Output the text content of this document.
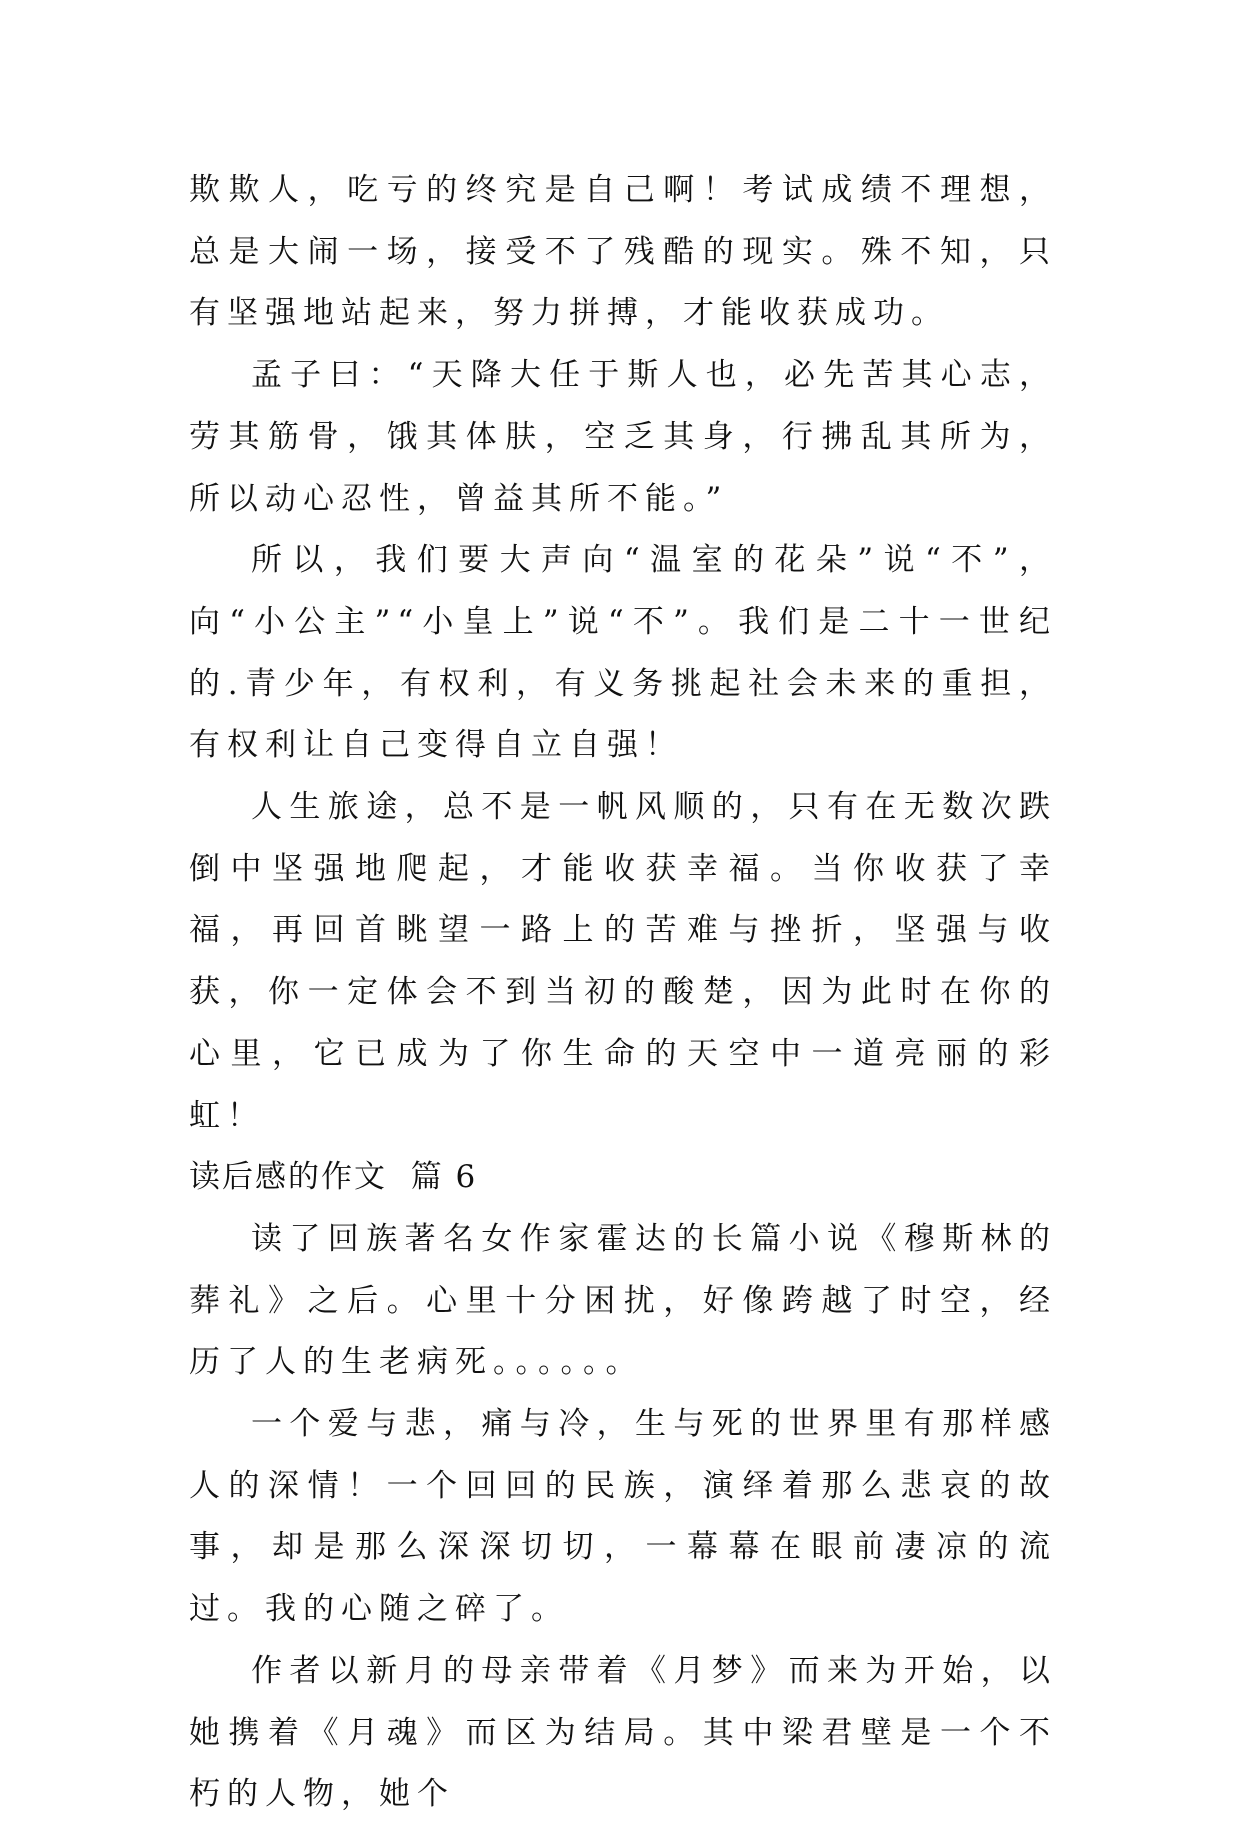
欺欺人，吃亏的终究是自己啊！考试成绩不理想，总是大闹一场，接受不了残酷的现实。殊不知，只有坚强地站起来，努力拼搏，才能收获成功。

孟子曰：“天降大任于斯人也，必先苦其心志，劳其筋骨，饿其体肤，空乏其身，行拂乱其所为，所以动心忍性，曾益其所不能。”

所以，我们要大声向“温室的花朵”说“不”，向“小公主”“小皇上”说“不”。我们是二十一世纪的.青少年，有权利，有义务挑起社会未来的重担，有权利让自己变得自立自强！

人生旅途，总不是一帆风顺的，只有在无数次跌倒中坚强地爬起，才能收获幸福。当你收获了幸福，再回首眺望一路上的苦难与挫折，坚强与收获，你一定体会不到当初的酸楚，因为此时在你的心里，它已成为了你生命的天空中一道亮丽的彩虹！

读后感的作文  篇 6

读了回族著名女作家霍达的长篇小说《穆斯林的葬礼》之后。心里十分困扰，好像跨越了时空，经历了人的生老病死。。。。。。

一个爱与悲，痛与冷，生与死的世界里有那样感人的深情！一个回回的民族，演绎着那么悲哀的故事，却是那么深深切切，一幕幕在眼前凄凉的流过。我的心随之碎了。

作者以新月的母亲带着《月梦》而来为开始，以她携着《月魂》而区为结局。其中梁君壁是一个不朽的人物，她个
